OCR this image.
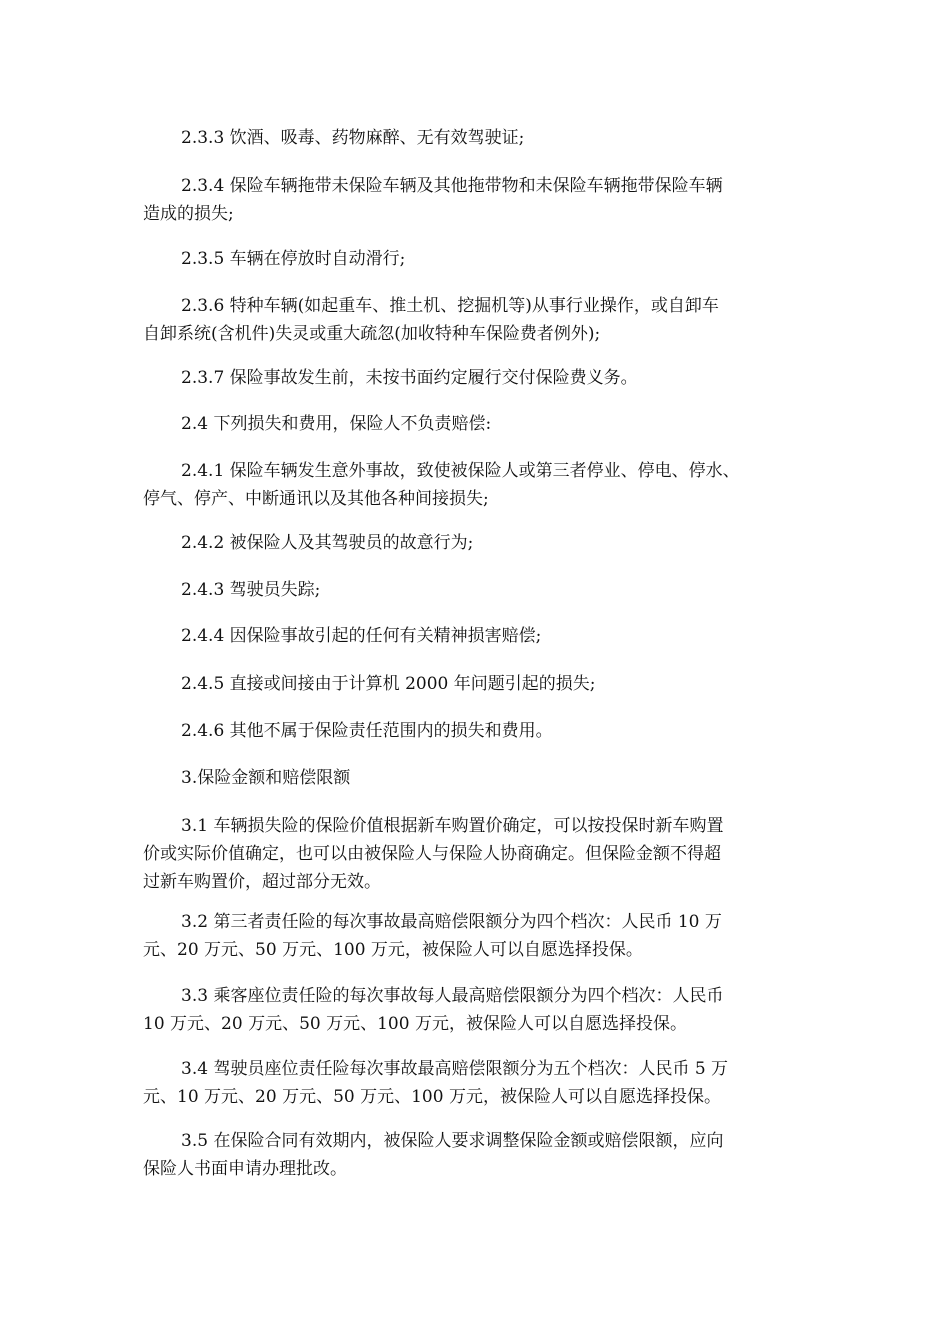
2.3.3 饮酒、吸毒、药物麻醉、无有效驾驶证;

2.3.4 保险车辆拖带未保险车辆及其他拖带物和未保险车辆拖带保险车辆
造成的损失;

2.3.5 车辆在停放时自动滑行;

2.3.6 特种车辆(如起重车、推土机、挖掘机等)从事行业操作，或自卸车
自卸系统(含机件)失灵或重大疏忽(加收特种车保险费者例外);

2.3.7 保险事故发生前，未按书面约定履行交付保险费义务。

2.4 下列损失和费用，保险人不负责赔偿:

2.4.1 保险车辆发生意外事故，致使被保险人或第三者停业、停电、停水、
停气、停产、中断通讯以及其他各种间接损失;

2.4.2 被保险人及其驾驶员的故意行为;

2.4.3 驾驶员失踪;

2.4.4 因保险事故引起的任何有关精神损害赔偿;

2.4.5 直接或间接由于计算机 2000 年问题引起的损失;

2.4.6 其他不属于保险责任范围内的损失和费用。

3.保险金额和赔偿限额

3.1 车辆损失险的保险价值根据新车购置价确定，可以按投保时新车购置
价或实际价值确定，也可以由被保险人与保险人协商确定。但保险金额不得超
过新车购置价，超过部分无效。

3.2 第三者责任险的每次事故最高赔偿限额分为四个档次：人民币 10 万
元、20 万元、50 万元、100 万元，被保险人可以自愿选择投保。

3.3 乘客座位责任险的每次事故每人最高赔偿限额分为四个档次：人民币
10 万元、20 万元、50 万元、100 万元，被保险人可以自愿选择投保。

3.4 驾驶员座位责任险每次事故最高赔偿限额分为五个档次：人民币 5 万
元、10 万元、20 万元、50 万元、100 万元，被保险人可以自愿选择投保。

3.5 在保险合同有效期内，被保险人要求调整保险金额或赔偿限额，应向
保险人书面申请办理批改。
